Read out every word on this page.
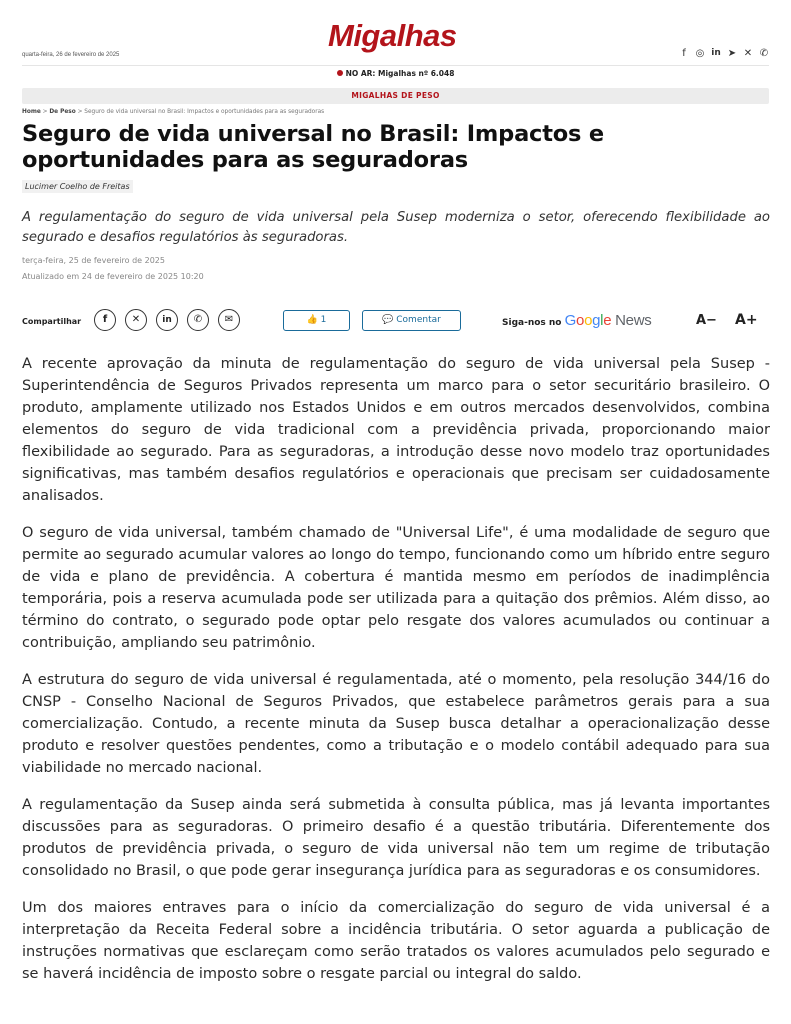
quarta-feira, 26 de fevereiro de 2025
Migalhas
f ◎ in ➤ ✕ ✆
NO AR: Migalhas nº 6.048
MIGALHAS DE PESO
Home > De Peso > Seguro de vida universal no Brasil: Impactos e oportunidades para as seguradoras
Seguro de vida universal no Brasil: Impactos e oportunidades para as seguradoras
Lucimer Coelho de Freitas
A regulamentação do seguro de vida universal pela Susep moderniza o setor, oferecendo flexibilidade ao segurado e desafios regulatórios às seguradoras.
terça-feira, 25 de fevereiro de 2025
Atualizado em 24 de fevereiro de 2025 10:20
Compartilhar	f	✕	in	✆	✉	👍 1	💬 Comentar	Siga-nos no Google News	A− A+

A recente aprovação da minuta de regulamentação do seguro de vida universal pela Susep - Superintendência de Seguros Privados representa um marco para o setor securitário brasileiro. O produto, amplamente utilizado nos Estados Unidos e em outros mercados desenvolvidos, combina elementos do seguro de vida tradicional com a previdência privada, proporcionando maior flexibilidade ao segurado. Para as seguradoras, a introdução desse novo modelo traz oportunidades significativas, mas também desafios regulatórios e operacionais que precisam ser cuidadosamente analisados.

O seguro de vida universal, também chamado de "Universal Life", é uma modalidade de seguro que permite ao segurado acumular valores ao longo do tempo, funcionando como um híbrido entre seguro de vida e plano de previdência. A cobertura é mantida mesmo em períodos de inadimplência temporária, pois a reserva acumulada pode ser utilizada para a quitação dos prêmios. Além disso, ao término do contrato, o segurado pode optar pelo resgate dos valores acumulados ou continuar a contribuição, ampliando seu patrimônio.

A estrutura do seguro de vida universal é regulamentada, até o momento, pela resolução 344/16 do CNSP - Conselho Nacional de Seguros Privados, que estabelece parâmetros gerais para a sua comercialização. Contudo, a recente minuta da Susep busca detalhar a operacionalização desse produto e resolver questões pendentes, como a tributação e o modelo contábil adequado para sua viabilidade no mercado nacional.

A regulamentação da Susep ainda será submetida à consulta pública, mas já levanta importantes discussões para as seguradoras. O primeiro desafio é a questão tributária. Diferentemente dos produtos de previdência privada, o seguro de vida universal não tem um regime de tributação consolidado no Brasil, o que pode gerar insegurança jurídica para as seguradoras e os consumidores.

Um dos maiores entraves para o início da comercialização do seguro de vida universal é a interpretação da Receita Federal sobre a incidência tributária. O setor aguarda a publicação de instruções normativas que esclareçam como serão tratados os valores acumulados pelo segurado e se haverá incidência de imposto sobre o resgate parcial ou integral do saldo.
